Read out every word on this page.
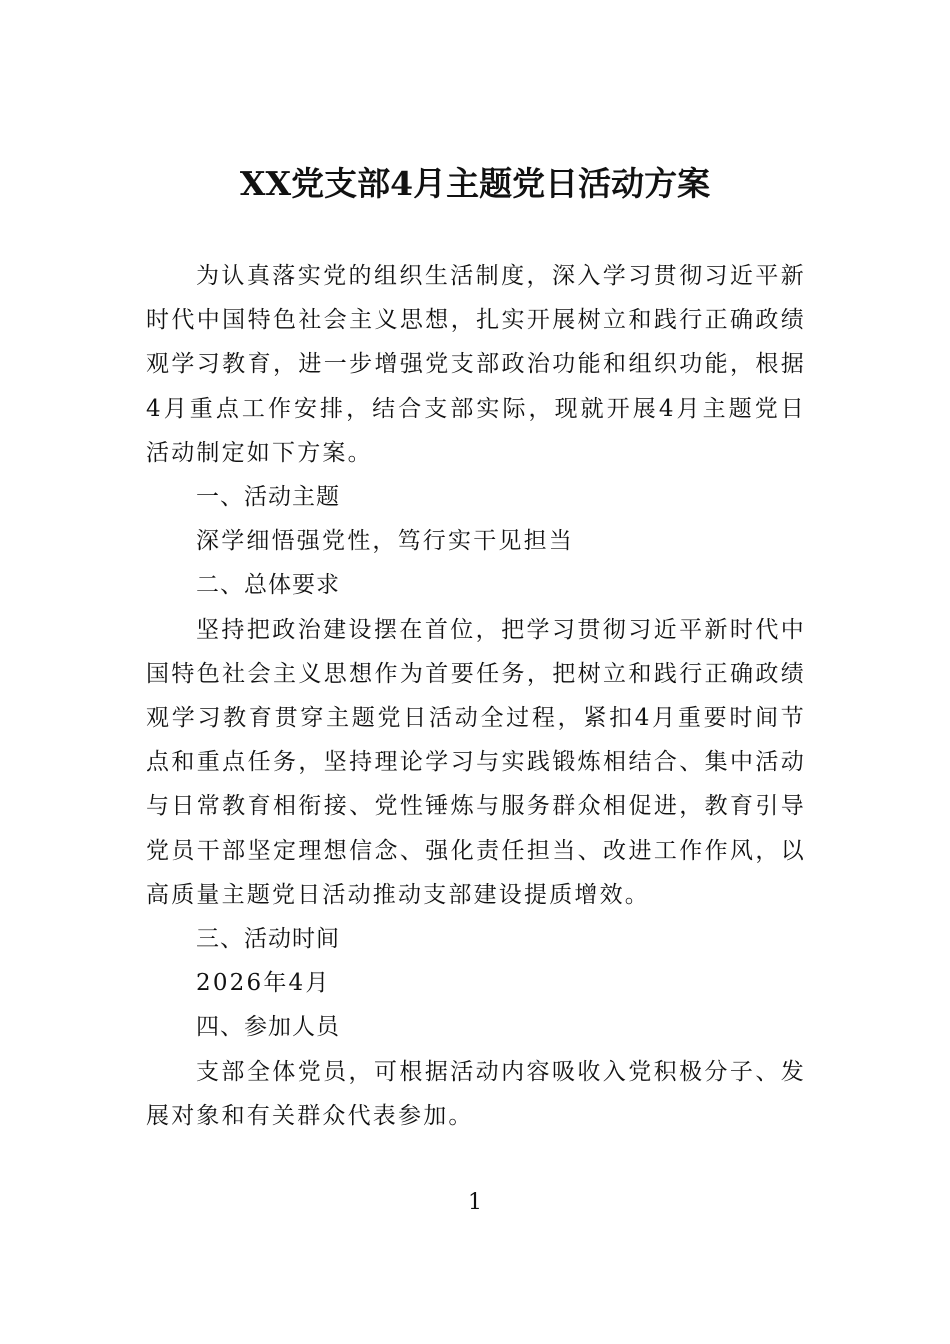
XX党支部4月主题党日活动方案

为认真落实党的组织生活制度，深入学习贯彻习近平新时代中国特色社会主义思想，扎实开展树立和践行正确政绩观学习教育，进一步增强党支部政治功能和组织功能，根据4月重点工作安排，结合支部实际，现就开展4月主题党日活动制定如下方案。

一、活动主题

深学细悟强党性，笃行实干见担当

二、总体要求

坚持把政治建设摆在首位，把学习贯彻习近平新时代中国特色社会主义思想作为首要任务，把树立和践行正确政绩观学习教育贯穿主题党日活动全过程，紧扣4月重要时间节点和重点任务，坚持理论学习与实践锻炼相结合、集中活动与日常教育相衔接、党性锤炼与服务群众相促进，教育引导党员干部坚定理想信念、强化责任担当、改进工作作风，以高质量主题党日活动推动支部建设提质增效。

三、活动时间

2026年4月

四、参加人员

支部全体党员，可根据活动内容吸收入党积极分子、发展对象和有关群众代表参加。

1
